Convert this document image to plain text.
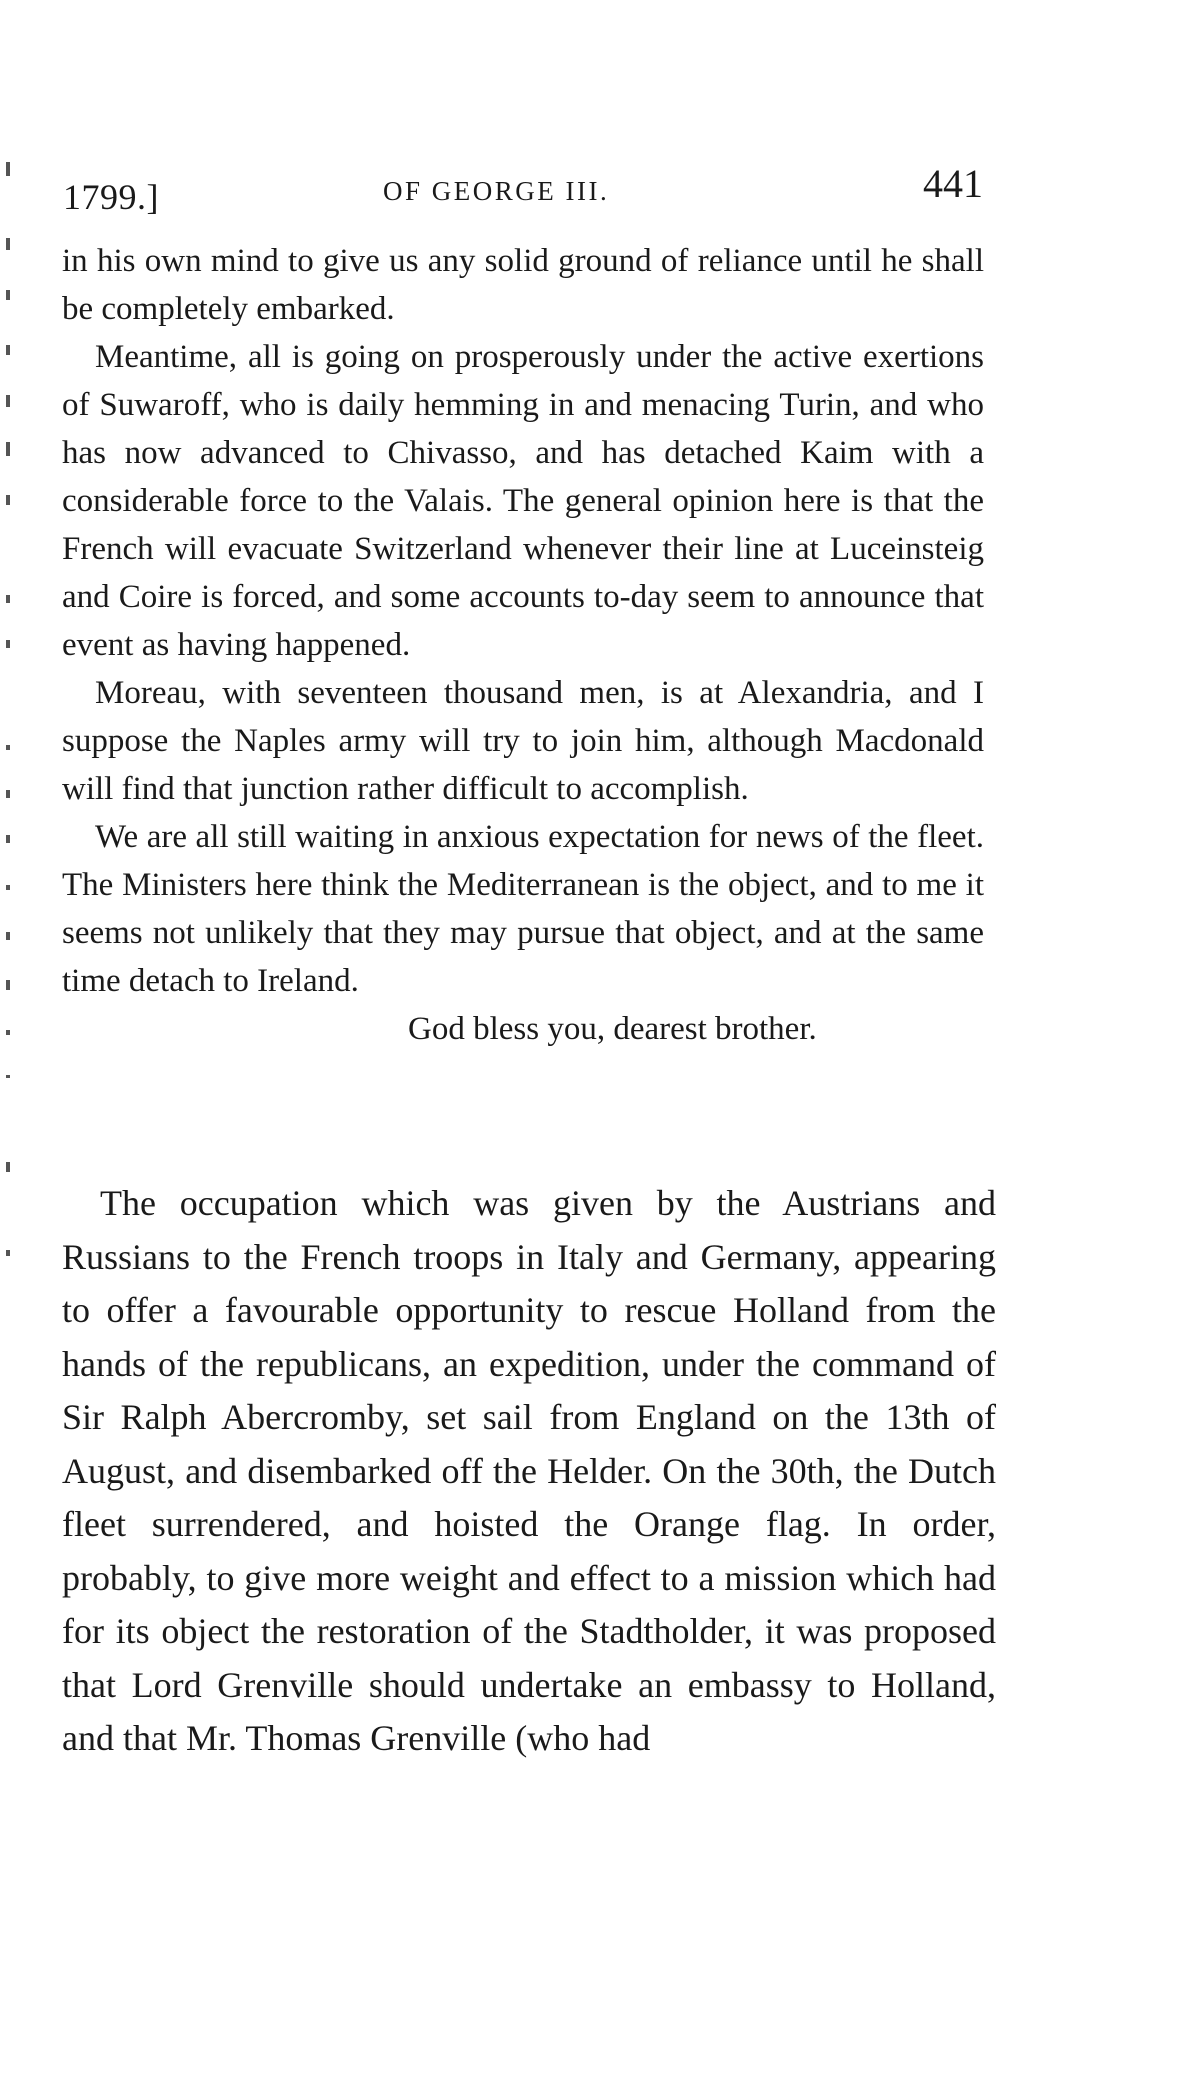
1799.]	OF GEORGE III.	441

in his own mind to give us any solid ground of reliance until he shall be completely embarked.

Meantime, all is going on prosperously under the active exertions of Suwaroff, who is daily hemming in and menacing Turin, and who has now advanced to Chivasso, and has detached Kaim with a considerable force to the Valais. The general opinion here is that the French will evacuate Switzerland whenever their line at Luceinsteig and Coire is forced, and some accounts to-day seem to announce that event as having happened.

Moreau, with seventeen thousand men, is at Alexandria, and I suppose the Naples army will try to join him, although Macdonald will find that junction rather difficult to accomplish.

We are all still waiting in anxious expectation for news of the fleet. The Ministers here think the Mediterranean is the object, and to me it seems not unlikely that they may pursue that object, and at the same time detach to Ireland.

God bless you, dearest brother.

The occupation which was given by the Austrians and Russians to the French troops in Italy and Germany, appearing to offer a favourable opportunity to rescue Holland from the hands of the republicans, an expedition, under the command of Sir Ralph Abercromby, set sail from England on the 13th of August, and disembarked off the Helder. On the 30th, the Dutch fleet surrendered, and hoisted the Orange flag. In order, probably, to give more weight and effect to a mission which had for its object the restoration of the Stadtholder, it was proposed that Lord Grenville should undertake an embassy to Holland, and that Mr. Thomas Grenville (who had
